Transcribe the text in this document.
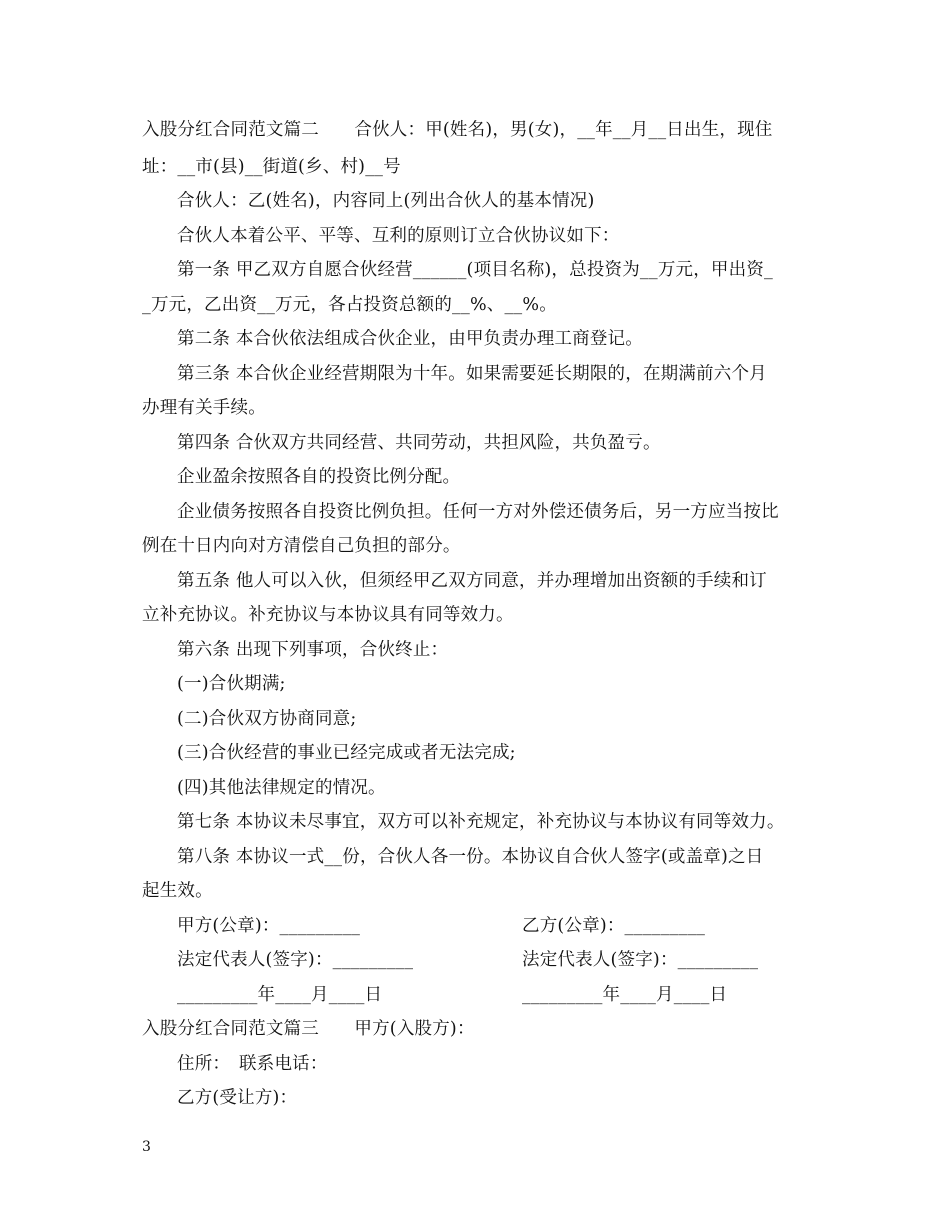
入股分红合同范文篇二　　合伙人：甲(姓名)，男(女)，__年__月__日出生，现住
址：__市(县)__街道(乡、村)__号
合伙人：乙(姓名)，内容同上(列出合伙人的基本情况)
合伙人本着公平、平等、互利的原则订立合伙协议如下：
第一条 甲乙双方自愿合伙经营______(项目名称)，总投资为__万元，甲出资_
_万元，乙出资__万元，各占投资总额的__%、__%。
第二条 本合伙依法组成合伙企业，由甲负责办理工商登记。
第三条 本合伙企业经营期限为十年。如果需要延长期限的，在期满前六个月
办理有关手续。
第四条 合伙双方共同经营、共同劳动，共担风险，共负盈亏。
企业盈余按照各自的投资比例分配。
企业债务按照各自投资比例负担。任何一方对外偿还债务后，另一方应当按比
例在十日内向对方清偿自己负担的部分。
第五条 他人可以入伙，但须经甲乙双方同意，并办理增加出资额的手续和订
立补充协议。补充协议与本协议具有同等效力。
第六条 出现下列事项，合伙终止：
(一)合伙期满;
(二)合伙双方协商同意;
(三)合伙经营的事业已经完成或者无法完成;
(四)其他法律规定的情况。
第七条 本协议未尽事宜，双方可以补充规定，补充协议与本协议有同等效力。
第八条 本协议一式__份，合伙人各一份。本协议自合伙人签字(或盖章)之日
起生效。
甲方(公章)：_________	乙方(公章)：_________
法定代表人(签字)：_________	法定代表人(签字)：_________
_________年____月____日	_________年____月____日
入股分红合同范文篇三　　甲方(入股方)：
住所：　联系电话：
乙方(受让方)：
3
